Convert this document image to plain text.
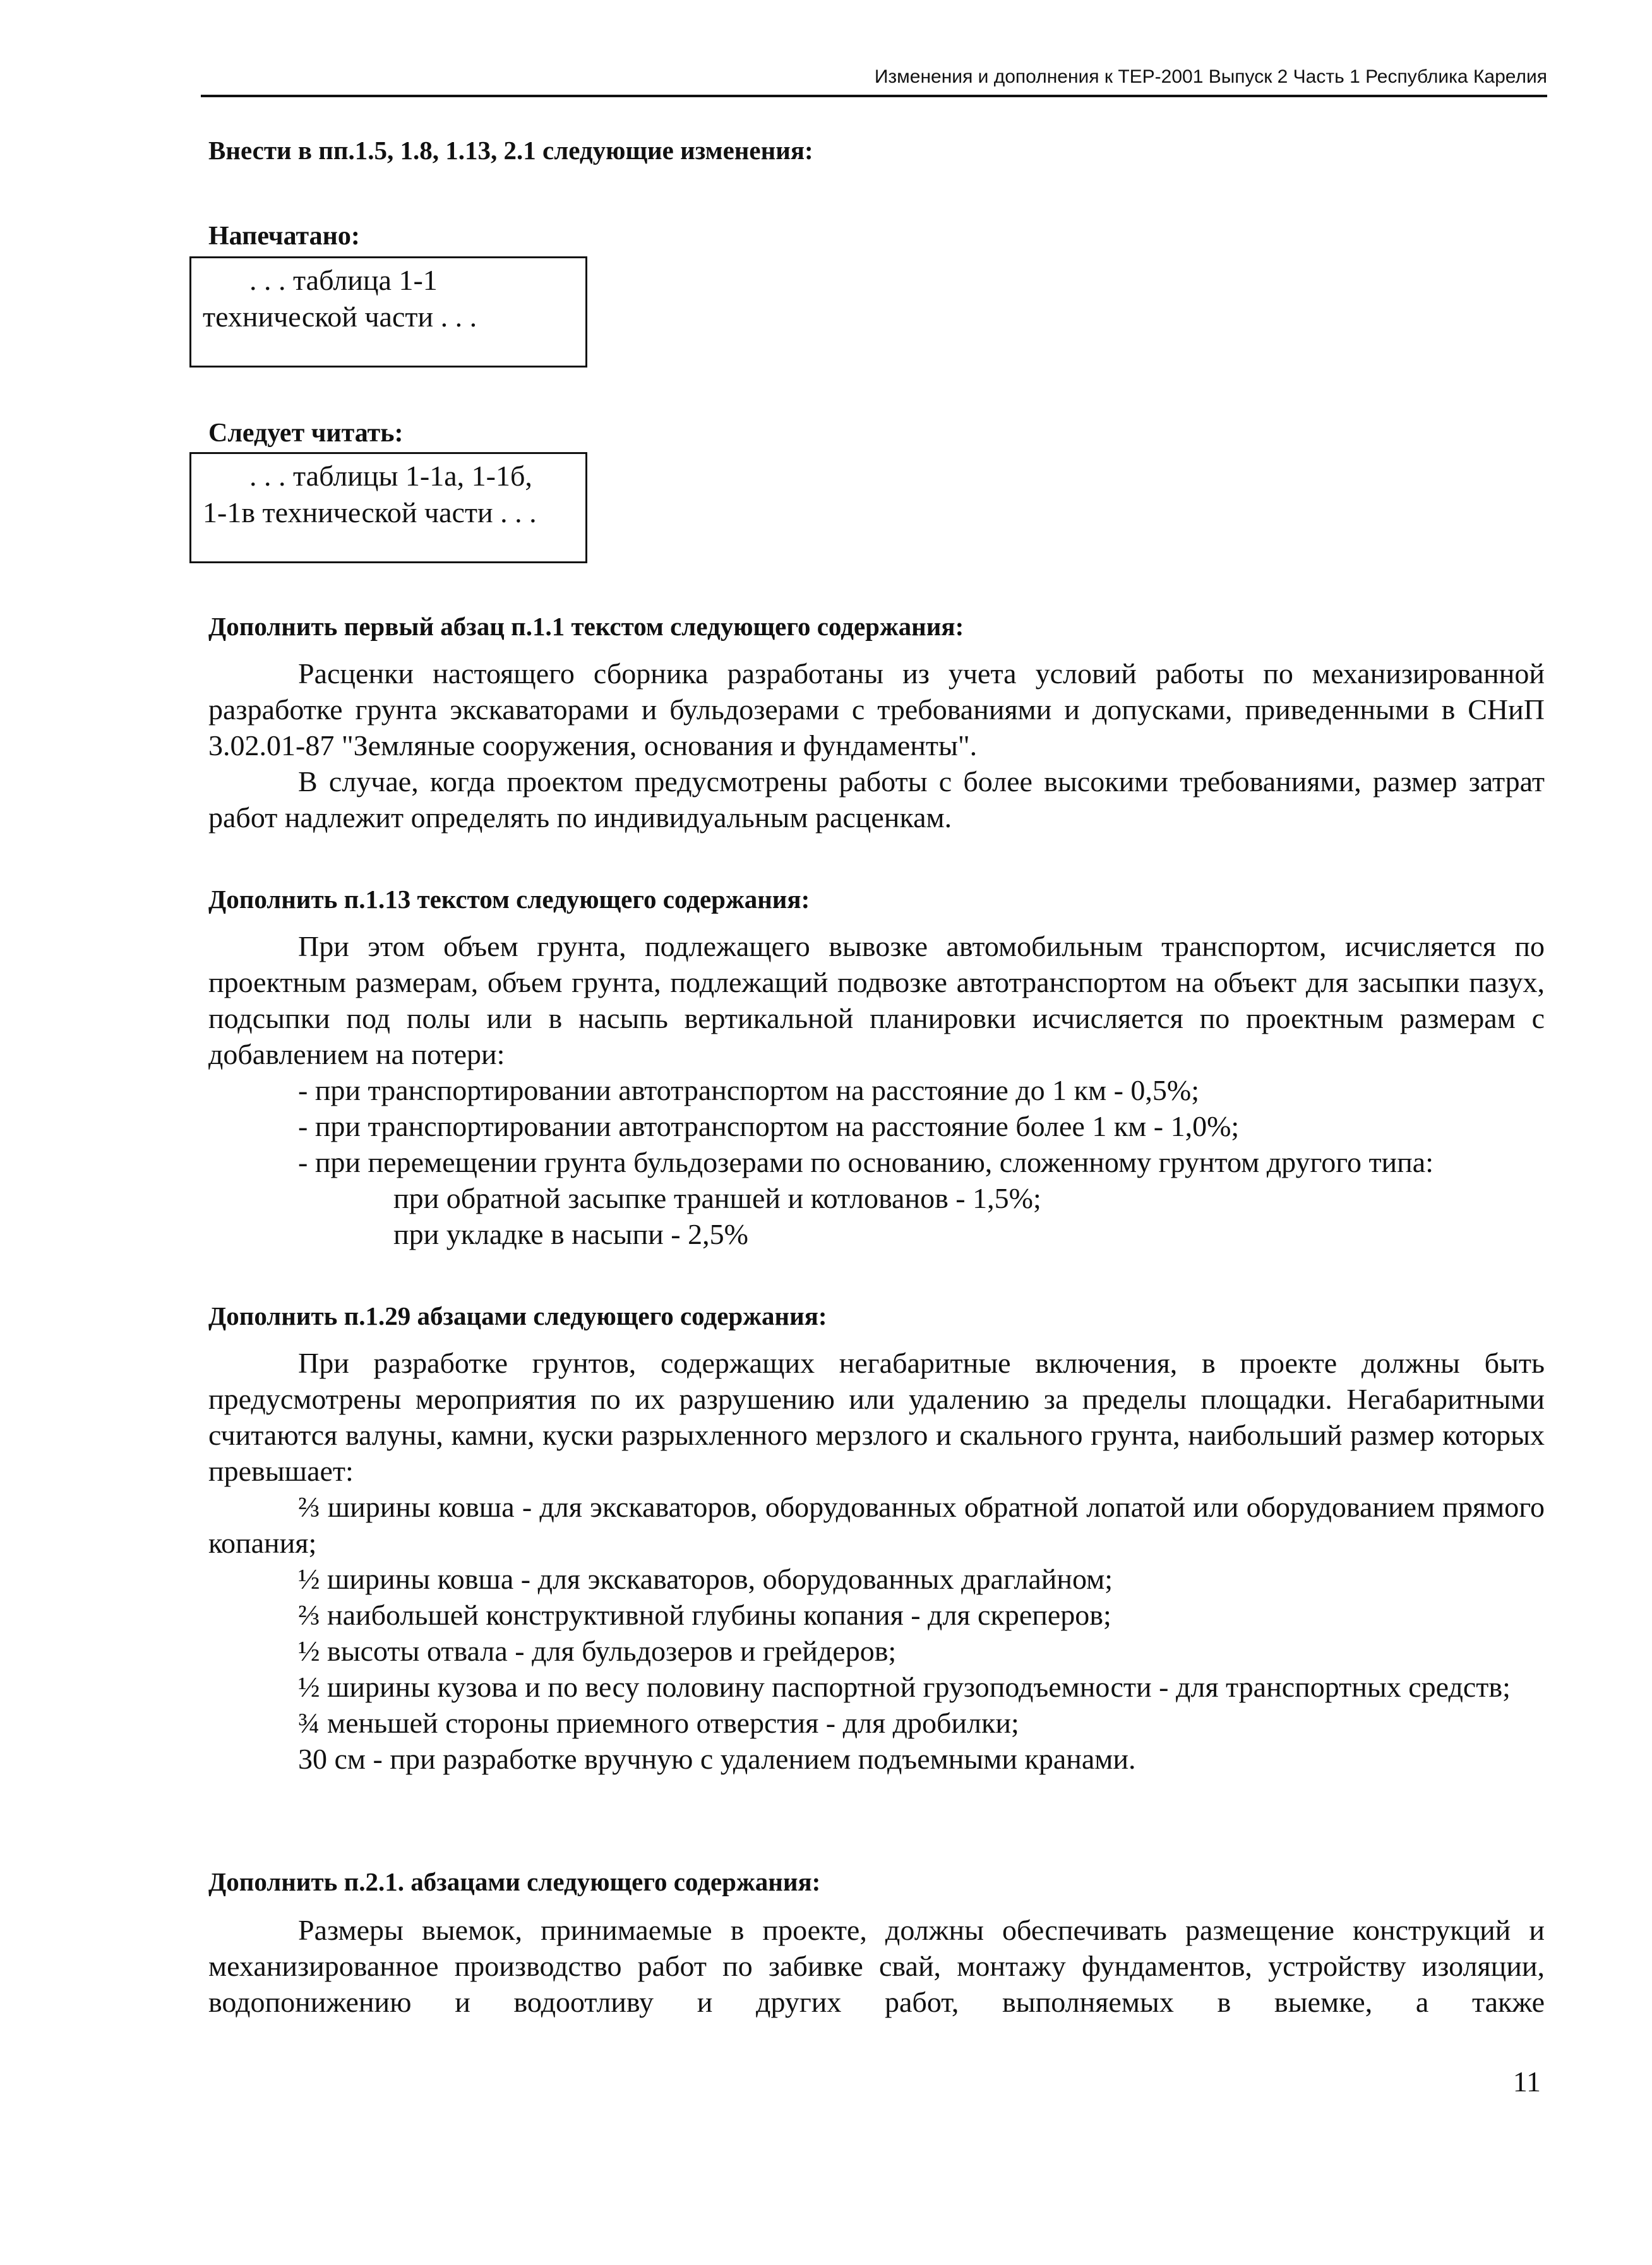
Изменения и дополнения к ТЕР-2001 Выпуск 2 Часть 1 Республика Карелия
Внести в пп.1.5, 1.8, 1.13, 2.1 следующие изменения:
Напечатано:
. . . таблица 1-1
технической части . . .
Следует читать:
. . . таблицы 1-1а, 1-1б,
1-1в технической части . . .
Дополнить первый абзац п.1.1 текстом следующего содержания:

Расценки настоящего сборника разработаны из учета условий работы по механизированной разработке грунта экскаваторами и бульдозерами с требованиями и допусками, приведенными в СНиП 3.02.01-87 "Земляные сооружения, основания и фундаменты".

В случае, когда проектом предусмотрены работы с более высокими требованиями, размер затрат работ надлежит определять по индивидуальным расценкам.

Дополнить п.1.13 текстом следующего содержания:

При этом объем грунта, подлежащего вывозке автомобильным транспортом, исчисляется по проектным размерам, объем грунта, подлежащий подвозке автотранспортом на объект для засыпки пазух, подсыпки под полы или в насыпь вертикальной планировки исчисляется по проектным размерам с добавлением на потери:

- при транспортировании автотранспортом на расстояние до 1 км - 0,5%;

- при транспортировании автотранспортом на расстояние более 1 км - 1,0%;

- при перемещении грунта бульдозерами по основанию, сложенному грунтом другого типа:

при обратной засыпке траншей и котлованов - 1,5%;

при укладке в насыпи - 2,5%

Дополнить п.1.29 абзацами следующего содержания:

При разработке грунтов, содержащих негабаритные включения, в проекте должны быть предусмотрены мероприятия по их разрушению или удалению за пределы площадки. Негабаритными считаются валуны, камни, куски разрыхленного мерзлого и скального грунта, наибольший размер которых превышает:

⅔ ширины ковша - для экскаваторов, оборудованных обратной лопатой или оборудованием прямого копания;

½ ширины ковша - для экскаваторов, оборудованных драглайном;

⅔ наибольшей конструктивной глубины копания - для скреперов;

½ высоты отвала - для бульдозеров и грейдеров;

½ ширины кузова и по весу половину паспортной грузоподъемности - для транспортных средств;

¾ меньшей стороны приемного отверстия - для дробилки;

30 см - при разработке вручную с удалением подъемными кранами.

Дополнить п.2.1. абзацами следующего содержания:

Размеры выемок, принимаемые в проекте, должны обеспечивать размещение конструкций и механизированное производство работ по забивке свай, монтажу фундаментов, устройству изоляции, водопонижению и водоотливу и других работ, выполняемых в выемке, а также

11
